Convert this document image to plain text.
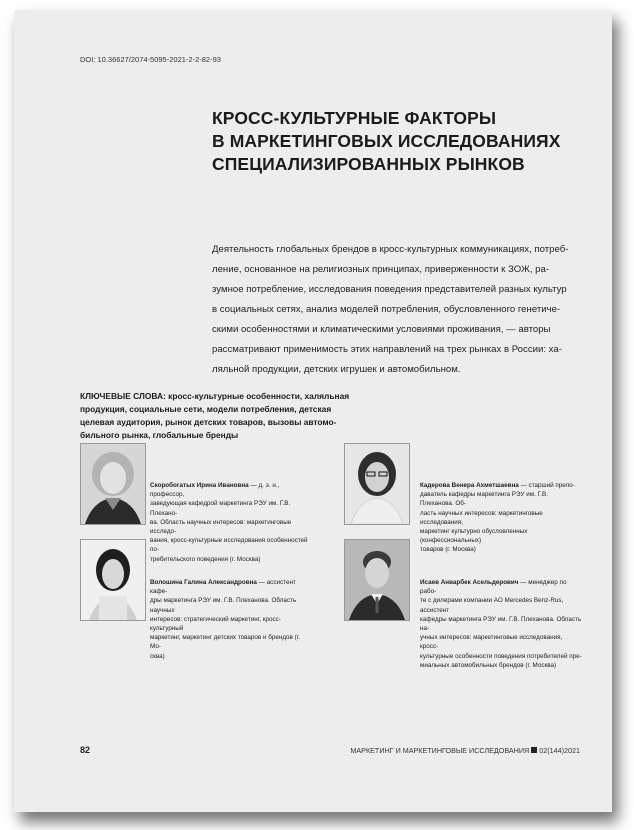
DOI: 10.36627/2074-5095-2021-2-2-82-93
КРОСС-КУЛЬТУРНЫЕ ФАКТОРЫ
В МАРКЕТИНГОВЫХ ИССЛЕДОВАНИЯХ
СПЕЦИАЛИЗИРОВАННЫХ РЫНКОВ
Деятельность глобальных брендов в кросс-культурных коммуникациях, потреб-
ление, основанное на религиозных принципах, приверженности к ЗОЖ, ра-
зумное потребление, исследования поведения представителей разных культур
в социальных сетях, анализ моделей потребления, обусловленного генетиче-
скими особенностями и климатическими условиями проживания, — авторы
рассматривают применимость этих направлений на трех рынках в России: ха-
ляльной продукции, детских игрушек и автомобильном.
КЛЮЧЕВЫЕ СЛОВА: кросс-культурные особенности, халяльная
продукция, социальные сети, модели потребления, детская
целевая аудитория, рынок детских товаров, вызовы автомо-
бильного рынка, глобальные бренды
Скоробогатых Ирина Ивановна — д. э. н., профессор,
заведующая кафедрой маркетинга РЭУ им. Г.В. Плехано-
ва. Область научных интересов: маркетинговые исследо-
вания, кросс-культурные исследования особенностей по-
требительского поведения (г. Москва)
Кадерова Венера Ахметшаевна — старший препо-
даватель кафедры маркетинга РЭУ им. Г.В. Плеханова. Об-
ласть научных интересов: маркетинговые исследования,
маркетинг культурно обусловленных (конфессиональных)
товаров (г. Москва)
Волошина Галина Александровна — ассистент кафе-
дры маркетинга РЭУ им. Г.В. Плеханова. Область научных
интересов: стратегический маркетинг, кросс-культурный
маркетинг, маркетинг детских товаров и брендов (г. Мо-
сква)
Исаев Анварбек Асельдерович — менеджер по рабо-
те с дилерами компании АО Mercedes Benz-Rus, ассистент
кафедры маркетинга РЭУ им. Г.В. Плеханова. Область на-
учных интересов: маркетинговые исследования, кросс-
культурные особенности поведения потребителей пре-
миальных автомобильных брендов (г. Москва)
82	МАРКЕТИНГ И МАРКЕТИНГОВЫЕ ИССЛЕДОВАНИЯ 02(144)2021
